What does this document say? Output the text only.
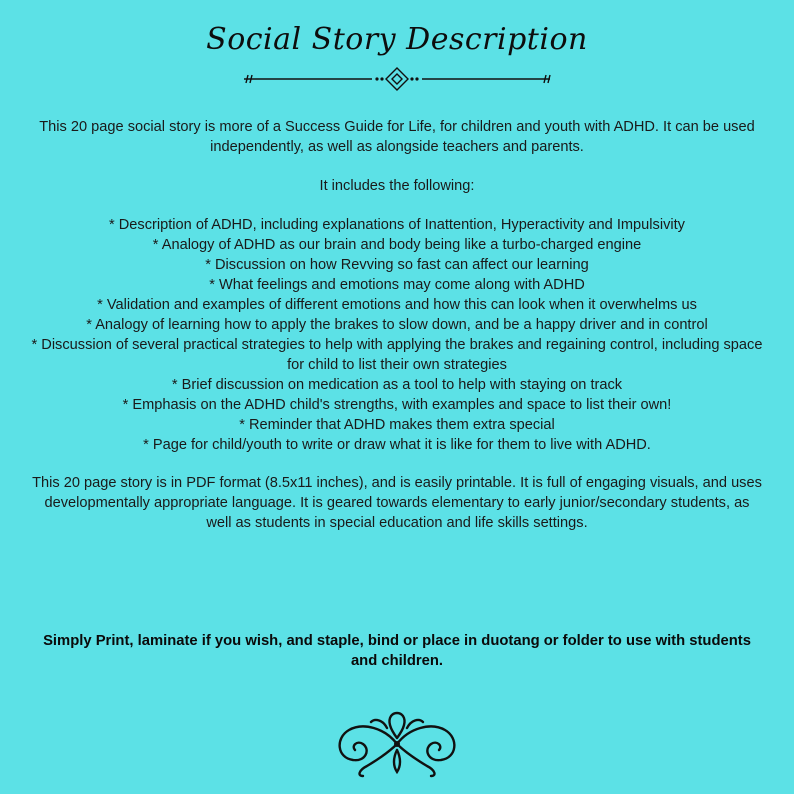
Social Story Description
This 20 page social story is more of a Success Guide for Life, for children and youth with ADHD. It can be used independently, as well as alongside teachers and parents.
It includes the following:
* Description of ADHD, including explanations of Inattention, Hyperactivity and Impulsivity
* Analogy of ADHD as our brain and body being like a turbo-charged engine
* Discussion on how Revving so fast can affect our learning
* What feelings and emotions may come along with ADHD
* Validation and examples of different emotions and how this can look when it overwhelms us
* Analogy of learning how to apply the brakes to slow down, and be a happy driver and in control
* Discussion of several practical strategies to help with applying the brakes and regaining control, including space for child to list their own strategies
* Brief discussion on medication as a tool to help with staying on track
* Emphasis on the ADHD child's strengths, with examples and space to list their own!
* Reminder that ADHD makes them extra special
* Page for child/youth to write or draw what it is like for them to live with ADHD.
This 20 page story is in PDF format (8.5x11 inches), and is easily printable. It is full of engaging visuals, and uses developmentally appropriate language. It is geared towards elementary to early junior/secondary students, as well as students in special education and life skills settings.
Simply Print, laminate if you wish, and staple, bind or place in duotang or folder to use with students and children.
